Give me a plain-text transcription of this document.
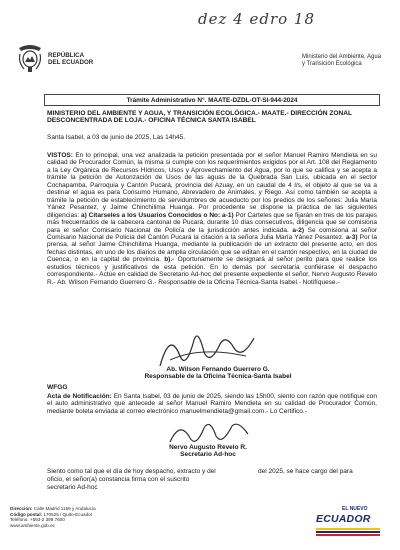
dez 4 edro 18
REPÚBLICA
DEL ECUADOR
Ministerio del Ambiente, Agua
y Transición Ecológica
Trámite Administrativo N°. MAATE-DZDL-OT-SI-944-2024
MINISTERIO DEL AMBIENTE Y AGUA, Y TRANSICIÓN ECOLÓGICA.- MAATE.- DIRECCIÓN ZONAL DESCONCENTRADA DE LOJA.- OFICINA TÉCNICA SANTA ISABEL
Santa Isabel, a 03 de junio de 2025, Las 14h45.
VISTOS: En lo principal, una vez analizada la petición presentada por el señor Manuel Ramiro Mendieta en su calidad de Procurador Común, la misma si cumple con los requerimientos exigidos por el Art. 108 del Reglamento a la Ley Orgánica de Recursos Hídricos, Usos y Aprovechamiento del Agua, por lo que se califica y se acepta a trámite la petición de Autorización de Usos de las aguas de la Quebrada San Luis, ubicada en el sector Cochapamba, Parroquia y Cantón Pucará, provincia del Azuay, en un caudal de 4 l/s, el objeto al que se va a destinar el agua es para Consumo Humano, Abrevadero de Animales, y Riego. Así como también se acepta a trámite la petición de establecimiento de servidumbres de acueducto por los predios de los señores: Julia María Yánez Pesantez, y Jaime Chinchilima Huanga. Por procedente se dispone la práctica de las siguientes diligencias: a) Cítarseles a los Usuarios Conocidos o No: a-1) Por Carteles que se fijarán en tres de los parajes más frecuentados de la cabecera cantonal de Pucará, durante 10 días consecutivos, diligencia que se comisiona para el señor Comisario Nacional de Policía de la jurisdicción antes indicada. a-2) Se comisiona al señor Comisario Nacional de Policía del Cantón Pucará la citación a la señora Julia María Yánez Pesantez. a-3) Por la prensa, al señor Jaime Chinchilima Huanga, mediante la publicación de un extracto del presente acto, en dos fechas distintas, en uno de los diarios de amplia circulación que se editan en el cantón respectivo, en la ciudad de Cuenca, o en la capital de provincia. b).- Oportunamente se designará al señor perito para que realice los estudios técnicos y justificativos de esta petición. En lo demás por secretaría confiérase el despacho correspondiente.- Actúe en calidad de Secretario Ad-hoc del presente expediente el señor, Nervo Augusto Revelo R.- Ab. Wilson Fernando Guerrero G.- Responsable de la Oficina Técnica-Santa Isabel.- Notifíquese.-
Ab. Wilson Fernando Guerrero G.
Responsable de la Oficina Técnica-Santa Isabel
WFGG
Acta de Notificación: En Santa Isabel, 03 de junio de 2025, siendo las 15h00, siento con razón que notifique con el auto administrativo que antecede al señor Manuel Ramiro Mendieta en su calidad de Procurador Común, mediante boleta enviada al correo electrónico manuelmendieta@gmail.com.- Lo Certifico.-
Nervo Augusto Revelo R.
Secretario Ad-hoc
Siento como tal que el día de hoy despacho, extracto y del oficio, el señor(a) constancia firma con el suscrito secretario Ad-hoc
del 2025, se hace cargo del para
Dirección: Calle Madrid 1159 y Andalucía
Código postal: 170525 / Quito-Ecuador
Teléfono: +593-2 398 7600
www.ambiente.gob.ec
EL NUEVO
ECUADOR
